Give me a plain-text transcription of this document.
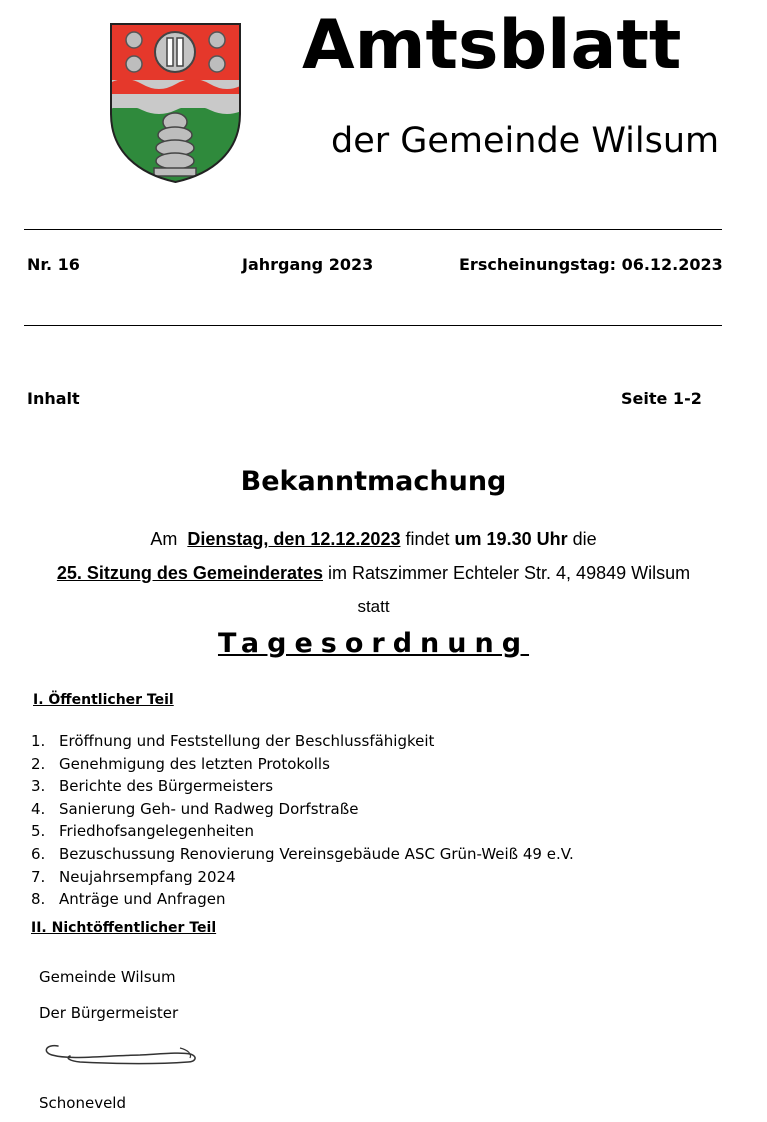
Amtsblatt
der Gemeinde Wilsum
Nr. 16	Jahrgang 2023	Erscheinungstag: 06.12.2023
Inhalt	Seite 1-2
Bekanntmachung
Am Dienstag, den 12.12.2023 findet um 19.30 Uhr die
25. Sitzung des Gemeinderates im Ratszimmer Echteler Str. 4, 49849 Wilsum
statt
Tagesordnung
I. Öffentlicher Teil
1. Eröffnung und Feststellung der Beschlussfähigkeit
2. Genehmigung des letzten Protokolls
3. Berichte des Bürgermeisters
4. Sanierung Geh- und Radweg Dorfstraße
5. Friedhofsangelegenheiten
6. Bezuschussung Renovierung Vereinsgebäude ASC Grün-Weiß 49 e.V.
7. Neujahrsempfang 2024
8. Anträge und Anfragen
II. Nichtöffentlicher Teil
Gemeinde Wilsum
Der Bürgermeister
Schoneveld
